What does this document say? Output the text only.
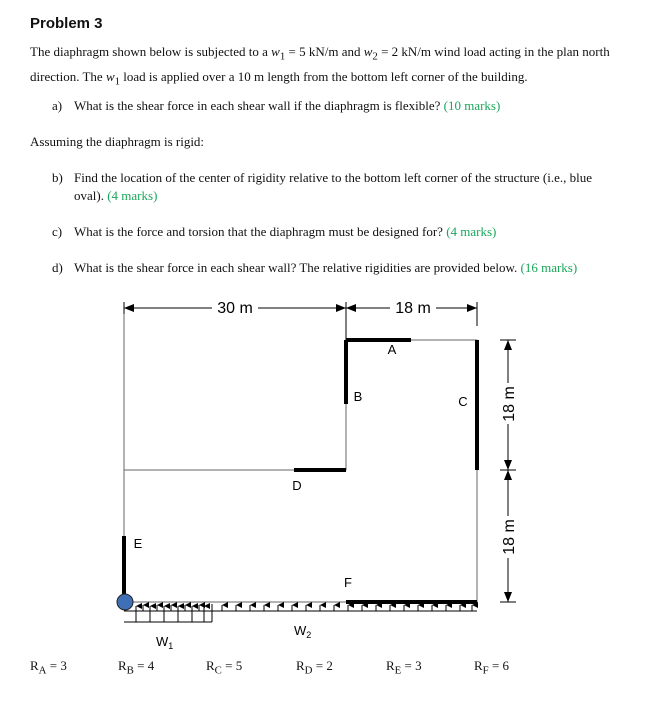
Problem 3
The diaphragm shown below is subjected to a $w_1 = 5$ kN/m and $w_2 = 2$ kN/m wind load acting in the plan north direction. The $w_1$ load is applied over a 10 m length from the bottom left corner of the building.
a) What is the shear force in each shear wall if the diaphragm is flexible? (10 marks)
Assuming the diaphragm is rigid:
b) Find the location of the center of rigidity relative to the bottom left corner of the structure (i.e., blue oval). (4 marks)
c) What is the force and torsion that the diaphragm must be designed for? (4 marks)
d) What is the shear force in each shear wall? The relative rigidities are provided below. (16 marks)
30 m	18 m
18 m
18 m
A
B	C
D
E
F
$W_1$
$W_2$
$R_A = 3$	$R_B = 4$	$R_C = 5$	$R_D = 2$	$R_E = 3$	$R_F = 6$
